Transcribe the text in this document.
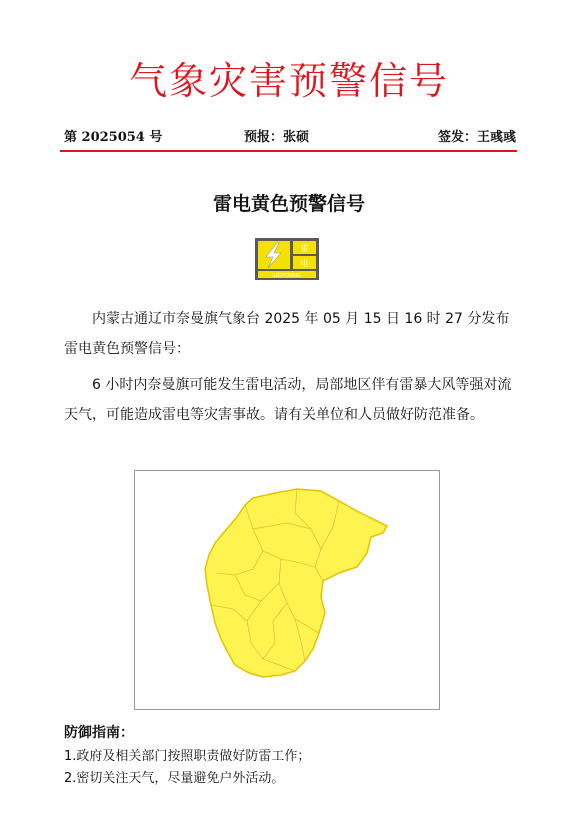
气象灾害预警信号
第 2025054 号	预报：张硕	签发：王彧彧
雷电黄色预警信号
雷
电
LIGHTNING

内蒙古通辽市奈曼旗气象台 2025 年 05 月 15 日 16 时 27 分发布雷电黄色预警信号：

6 小时内奈曼旗可能发生雷电活动，局部地区伴有雷暴大风等强对流天气，可能造成雷电等灾害事故。请有关单位和人员做好防范准备。

·	·
·
·
·
·
·
·
·
·
防御指南：
1.政府及相关部门按照职责做好防雷工作；
2.密切关注天气，尽量避免户外活动。
